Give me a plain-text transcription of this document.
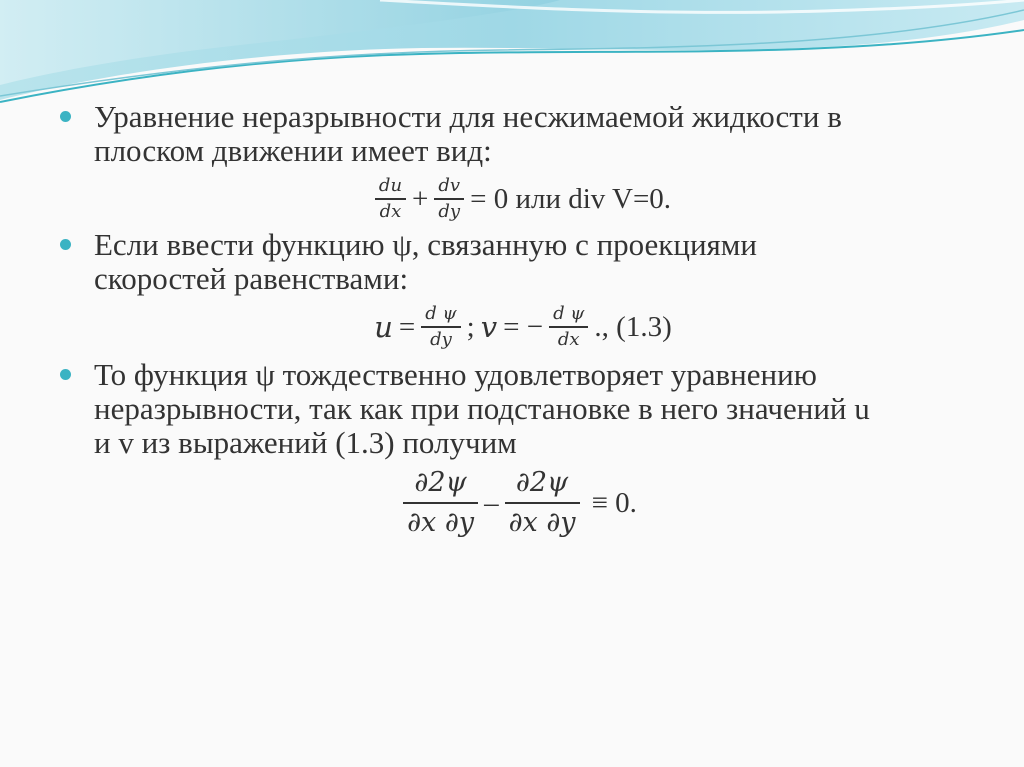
Уравнение неразрывности для несжимаемой жидкости в
плоском движении имеет вид:
$\frac{du}{dx} + \frac{dv}{dy} = 0$ или div V=0.
Если ввести функцию ψ, связанную с проекциями
скоростей равенствами:
$u = \frac{\text{d ψ}}{dy}$ ; v = − $\frac{\text{d ψ}}{dx}$ ., (1.3)
То функция ψ тождественно удовлетворяет уравнению
неразрывности, так как при подстановке в него значений u
и v из выражений (1.3) получим
$\frac{\partial 2\psi}{\partial x \partial y} - \frac{\partial 2\psi}{\partial x \partial y} \equiv 0$.
